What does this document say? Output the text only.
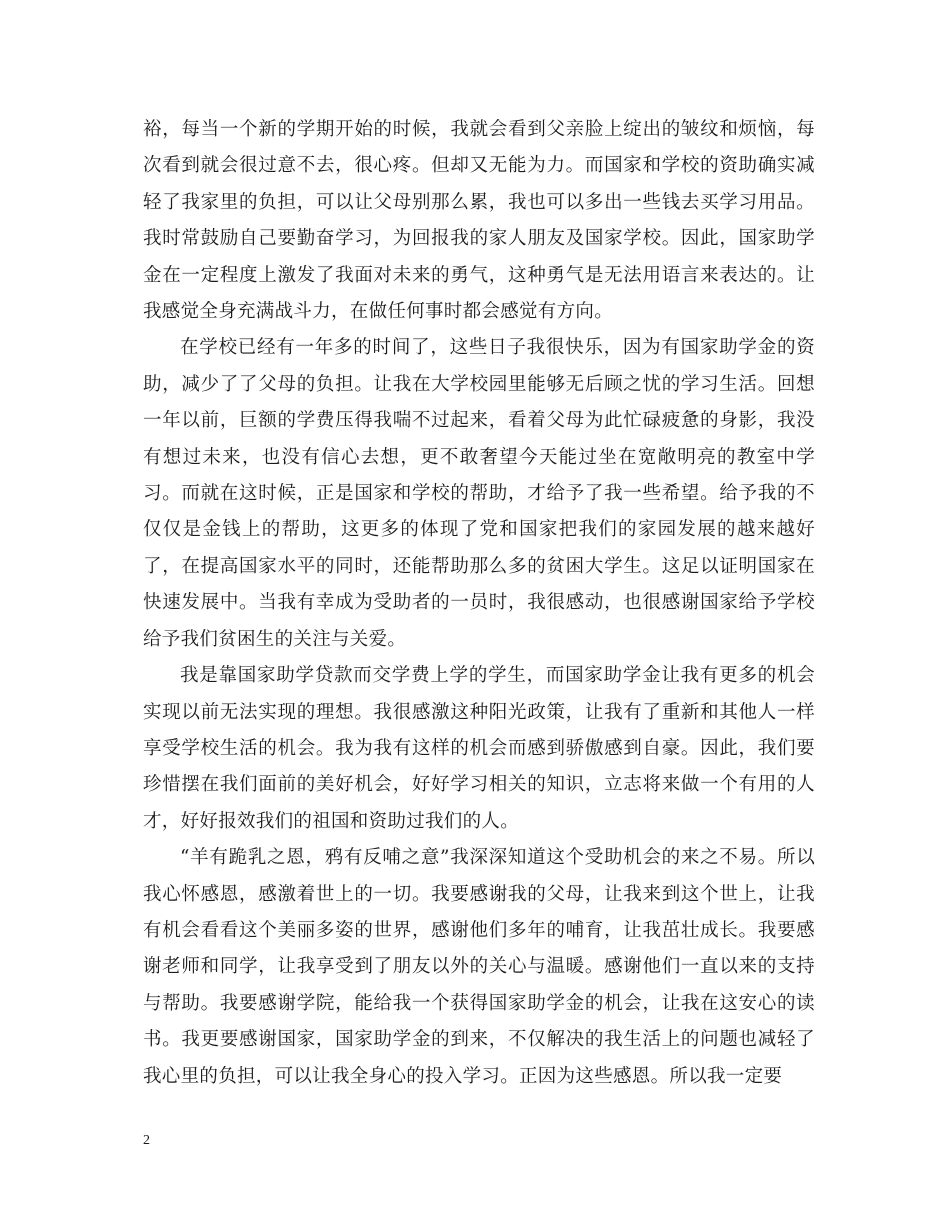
裕，每当一个新的学期开始的时候，我就会看到父亲脸上绽出的皱纹和烦恼，每次看到就会很过意不去，很心疼。但却又无能为力。而国家和学校的资助确实减轻了我家里的负担，可以让父母别那么累，我也可以多出一些钱去买学习用品。我时常鼓励自己要勤奋学习，为回报我的家人朋友及国家学校。因此，国家助学金在一定程度上激发了我面对未来的勇气，这种勇气是无法用语言来表达的。让我感觉全身充满战斗力，在做任何事时都会感觉有方向。

在学校已经有一年多的时间了，这些日子我很快乐，因为有国家助学金的资助，减少了了父母的负担。让我在大学校园里能够无后顾之忧的学习生活。回想一年以前，巨额的学费压得我喘不过起来，看着父母为此忙碌疲惫的身影，我没有想过未来，也没有信心去想，更不敢奢望今天能过坐在宽敞明亮的教室中学习。而就在这时候，正是国家和学校的帮助，才给予了我一些希望。给予我的不仅仅是金钱上的帮助，这更多的体现了党和国家把我们的家园发展的越来越好了，在提高国家水平的同时，还能帮助那么多的贫困大学生。这足以证明国家在快速发展中。当我有幸成为受助者的一员时，我很感动，也很感谢国家给予学校给予我们贫困生的关注与关爱。

我是靠国家助学贷款而交学费上学的学生，而国家助学金让我有更多的机会实现以前无法实现的理想。我很感激这种阳光政策，让我有了重新和其他人一样享受学校生活的机会。我为我有这样的机会而感到骄傲感到自豪。因此，我们要珍惜摆在我们面前的美好机会，好好学习相关的知识，立志将来做一个有用的人才，好好报效我们的祖国和资助过我们的人。

“羊有跪乳之恩，鸦有反哺之意”我深深知道这个受助机会的来之不易。所以我心怀感恩，感激着世上的一切。我要感谢我的父母，让我来到这个世上，让我有机会看看这个美丽多姿的世界，感谢他们多年的哺育，让我茁壮成长。我要感谢老师和同学，让我享受到了朋友以外的关心与温暖。感谢他们一直以来的支持与帮助。我要感谢学院，能给我一个获得国家助学金的机会，让我在这安心的读书。我更要感谢国家，国家助学金的到来，不仅解决的我生活上的问题也减轻了我心里的负担，可以让我全身心的投入学习。正因为这些感恩。所以我一定要

2
